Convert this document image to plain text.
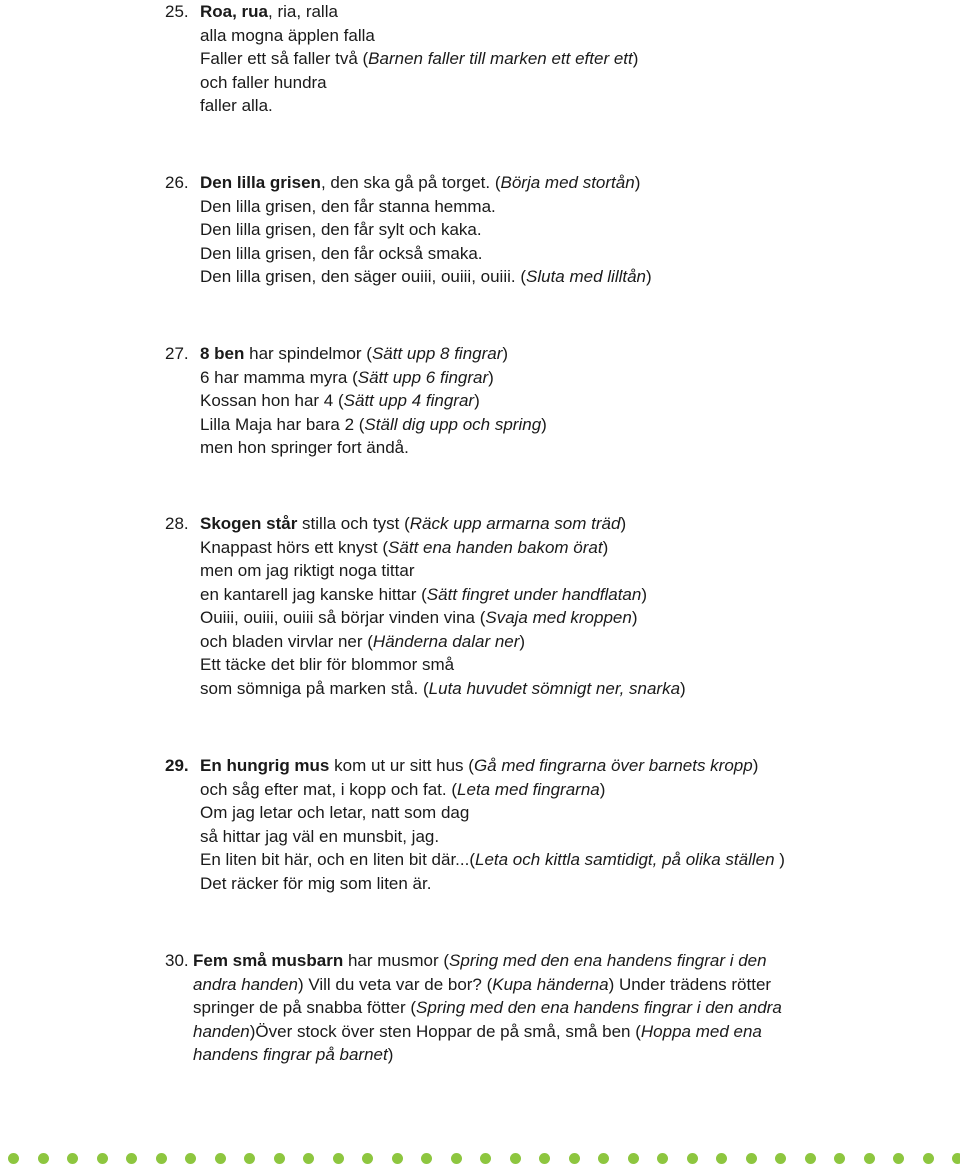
25. Roa, rua, ria, ralla
alla mogna äpplen falla
Faller ett så faller två (Barnen faller till marken ett efter ett)
och faller hundra
faller alla.
26. Den lilla grisen, den ska gå på torget. (Börja med stortån)
Den lilla grisen, den får stanna hemma.
Den lilla grisen, den får sylt och kaka.
Den lilla grisen, den får också smaka.
Den lilla grisen, den säger ouiii, ouiii, ouiii. (Sluta med lilltån)
27. 8 ben har spindelmor (Sätt upp 8 fingrar)
6 har mamma myra (Sätt upp 6 fingrar)
Kossan hon har 4 (Sätt upp 4 fingrar)
Lilla Maja har bara 2 (Ställ dig upp och spring)
men hon springer fort ändå.
28. Skogen står stilla och tyst (Räck upp armarna som träd)
Knappast hörs ett knyst (Sätt ena handen bakom örat)
men om jag riktigt noga tittar
en kantarell jag kanske hittar (Sätt fingret under handflatan)
Ouiii, ouiii, ouiii så börjar vinden vina (Svaja med kroppen)
och bladen virvlar ner (Händerna dalar ner)
Ett täcke det blir för blommor små
som sömniga på marken stå. (Luta huvudet sömnigt ner, snarka)
29. En hungrig mus kom ut ur sitt hus (Gå med fingrarna över barnets kropp)
och såg efter mat, i kopp och fat. (Leta med fingrarna)
Om jag letar och letar, natt som dag
så hittar jag väl en munsbit, jag.
En liten bit här, och en liten bit där...(Leta och kittla samtidigt, på olika ställen )
Det räcker för mig som liten är.
30. Fem små musbarn har musmor (Spring med den ena handens fingrar i den
andra handen) Vill du veta var de bor? (Kupa händerna) Under trädens rötter
springer de på snabba fötter (Spring med den ena handens fingrar i den andra
handen)Över stock över sten Hoppar de på små, små ben (Hoppa med ena
handens fingrar på barnet)
